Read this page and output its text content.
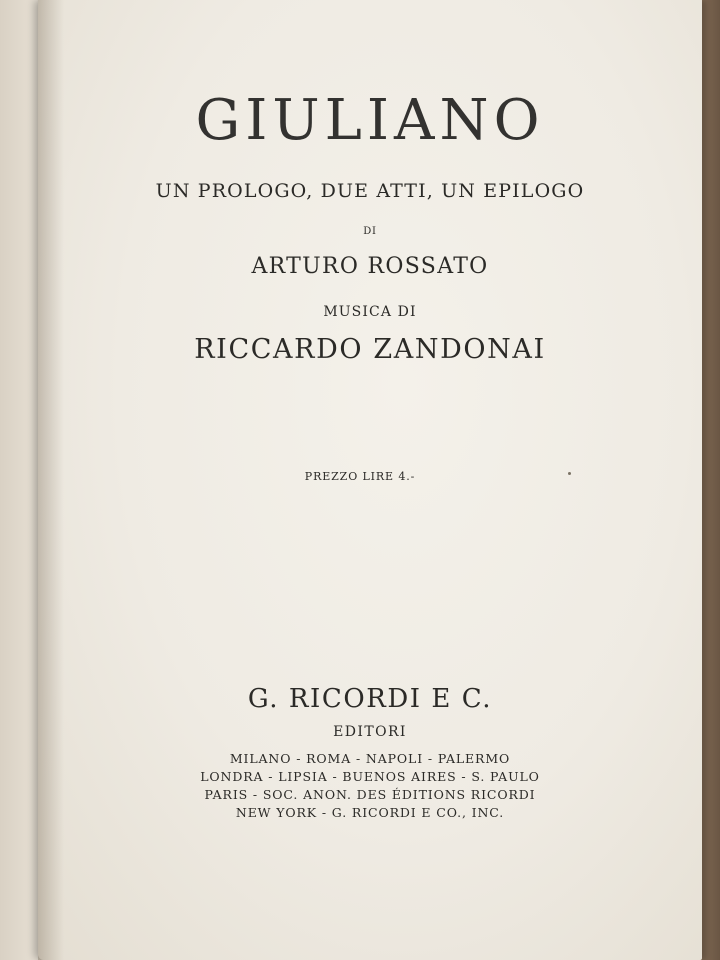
GIULIANO
UN PROLOGO, DUE ATTI, UN EPILOGO
DI
ARTURO ROSSATO
MUSICA DI
RICCARDO ZANDONAI
PREZZO LIRE 4.-
G. RICORDI E C.
EDITORI
MILANO - ROMA - NAPOLI - PALERMO
LONDRA - LIPSIA - BUENOS AIRES - S. PAULO
PARIS - SOC. ANON. DES ÉDITIONS RICORDI
NEW YORK - G. RICORDI E CO., INC.
